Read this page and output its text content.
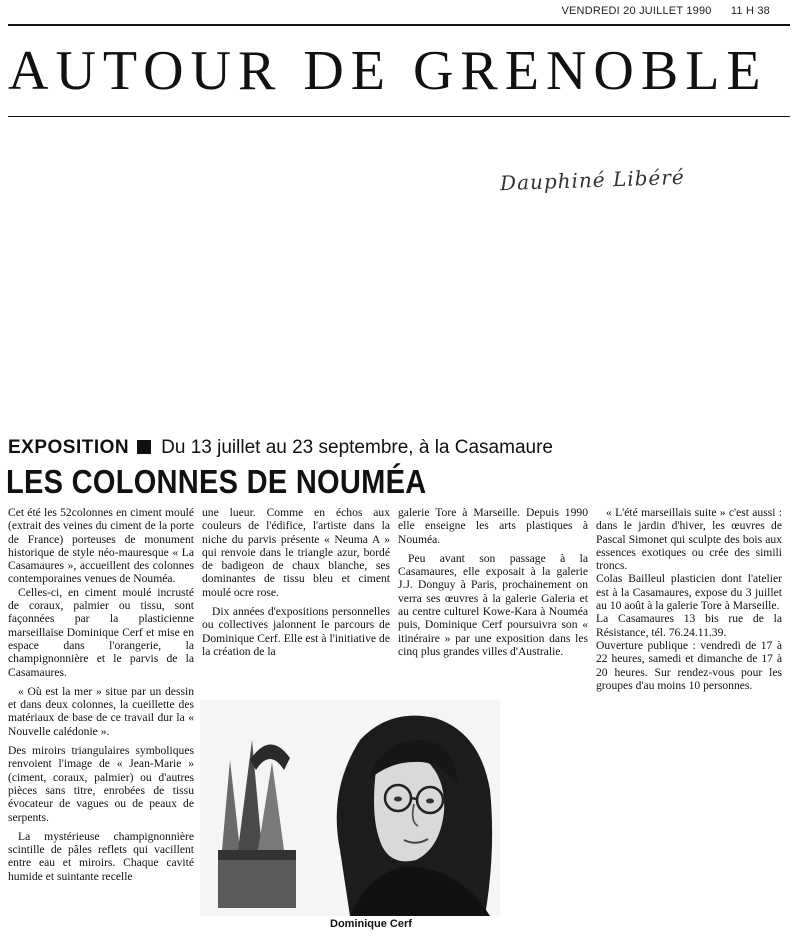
VENDREDI 20 JUILLET 1990 11 H 38
AUTOUR DE GRENOBLE
Dauphiné Libéré
EXPOSITION Du 13 juillet au 23 septembre, à la Casamaure
LES COLONNES DE NOUMÉA

Cet été les 52colonnes en ciment moulé (extrait des veines du ciment de la porte de France) porteuses de monument historique de style néo-mauresque « La Casamaures », accueillent des colonnes contemporaines venues de Nouméa.

Celles-ci, en ciment moulé incrusté de coraux, palmier ou tissu, sont façonnées par la plasticienne marseillaise Dominique Cerf et mise en espace dans l'orangerie, la champignonnière et le parvis de la Casamaures.

« Où est la mer » situe par un dessin et dans deux colonnes, la cueillette des matériaux de base de ce travail dur la « Nouvelle calédonie ».

Des miroirs triangulaires symboliques renvoient l'image de « Jean-Marie » (ciment, coraux, palmier) ou d'autres pièces sans titre, enrobées de tissu évocateur de vagues ou de peaux de serpents.

La mystérieuse champignonnière scintille de pâles reflets qui vacillent entre eau et miroirs. Chaque cavité humide et suintante recelle

une lueur. Comme en échos aux couleurs de l'édifice, l'artiste dans la niche du parvis présente « Neuma A » qui renvoie dans le triangle azur, bordé de badigeon de chaux blanche, ses dominantes de tissu bleu et ciment moulé ocre rose.

Dix années d'expositions personnelles ou collectives jalonnent le parcours de Dominique Cerf. Elle est à l'initiative de la création de la

galerie Tore à Marseille. Depuis 1990 elle enseigne les arts plastiques à Nouméa.

Peu avant son passage à la Casamaures, elle exposait à la galerie J.J. Donguy à Paris, prochainement on verra ses œuvres à la galerie Galeria et au centre culturel Kowe-Kara à Nouméa puis, Dominique Cerf poursuivra son « itinéraire » par une exposition dans les cinq plus grandes villes d'Australie.

« L'été marseillais suite » c'est aussi : dans le jardin d'hiver, les œuvres de Pascal Simonet qui sculpte des bois aux essences exotiques ou crée des simili troncs.

Colas Bailleul plasticien dont l'atelier est à la Casamaures, expose du 3 juillet au 10 août à la galerie Tore à Marseille.

La Casamaures 13 bis rue de la Résistance, tél. 76.24.11.39.

Ouverture publique : vendredi de 17 à 22 heures, samedi et dimanche de 17 à 20 heures. Sur rendez-vous pour les groupes d'au moins 10 personnes.

Dominique Cerf
